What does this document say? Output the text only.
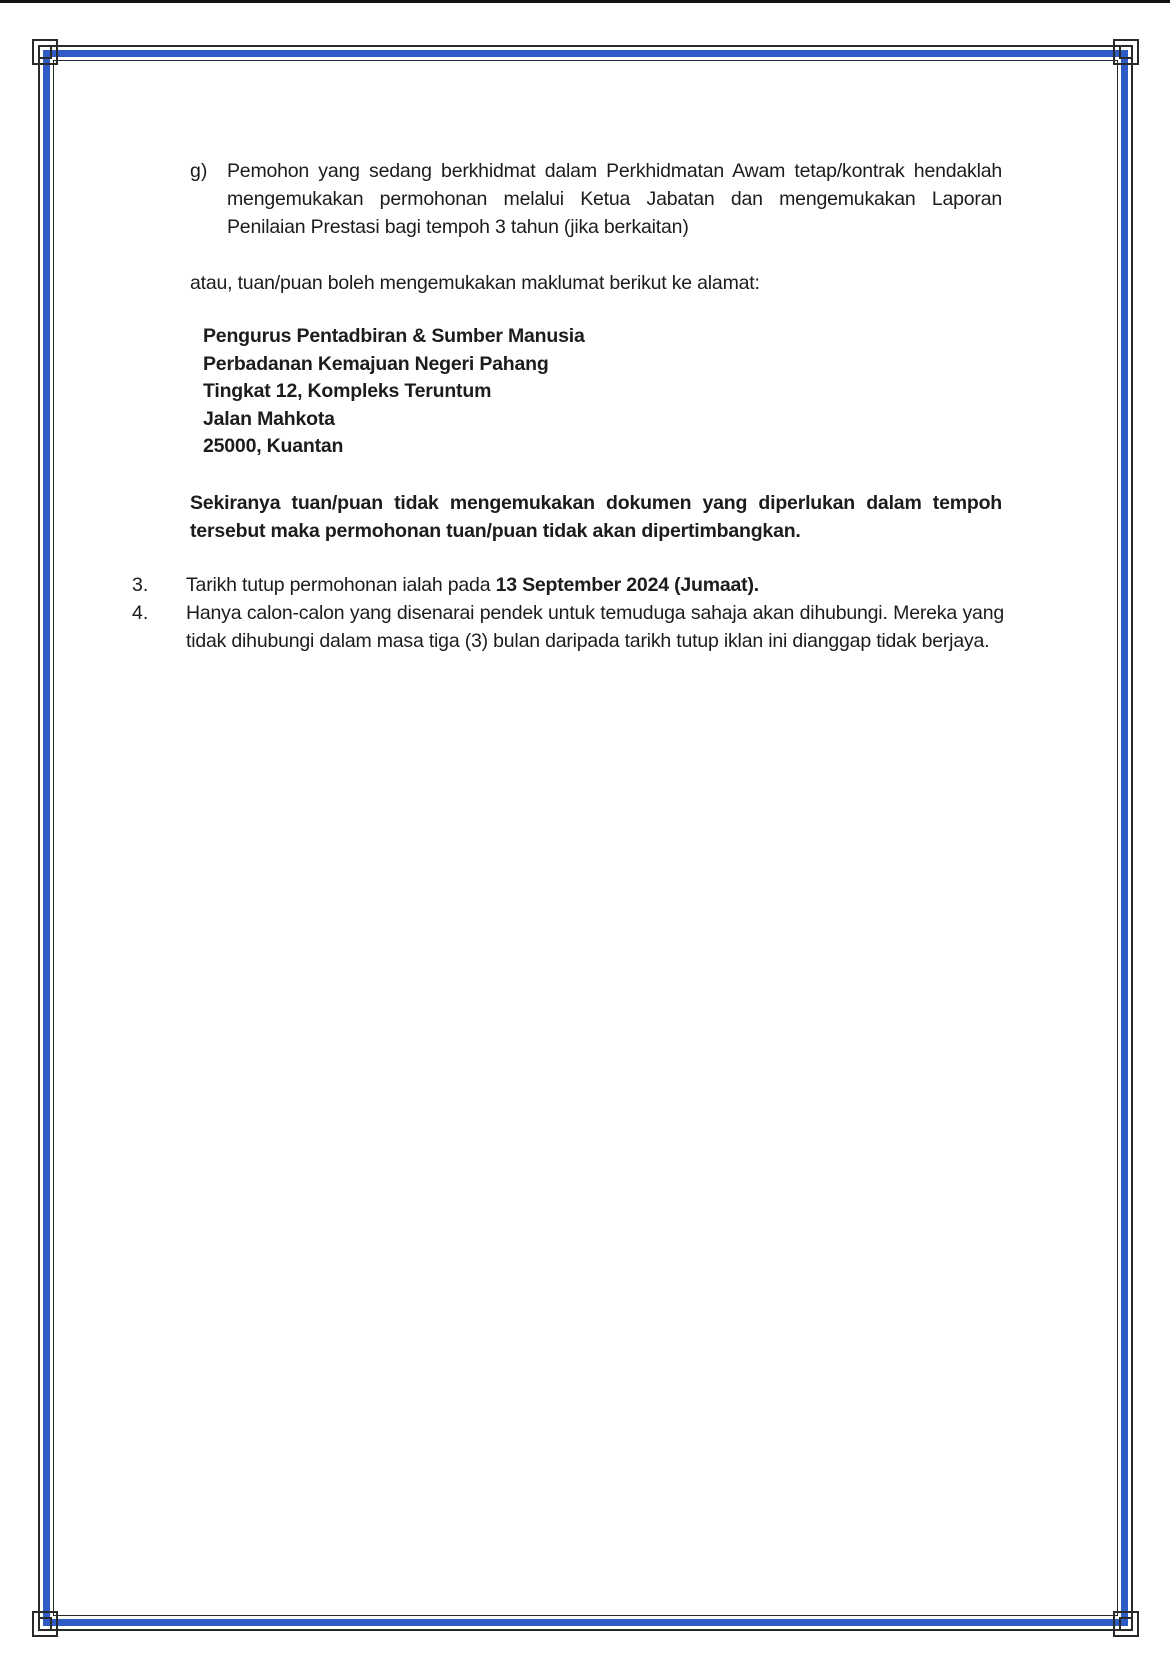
g) Pemohon yang sedang berkhidmat dalam Perkhidmatan Awam tetap/kontrak hendaklah mengemukakan permohonan melalui Ketua Jabatan dan mengemukakan Laporan Penilaian Prestasi bagi tempoh 3 tahun (jika berkaitan)
atau, tuan/puan boleh mengemukakan maklumat berikut ke alamat:
Pengurus Pentadbiran & Sumber Manusia
Perbadanan Kemajuan Negeri Pahang
Tingkat 12, Kompleks Teruntum
Jalan Mahkota
25000, Kuantan
Sekiranya tuan/puan tidak mengemukakan dokumen yang diperlukan dalam tempoh tersebut maka permohonan tuan/puan tidak akan dipertimbangkan.
3. Tarikh tutup permohonan ialah pada 13 September 2024 (Jumaat).
4. Hanya calon-calon yang disenarai pendek untuk temuduga sahaja akan dihubungi. Mereka yang tidak dihubungi dalam masa tiga (3) bulan daripada tarikh tutup iklan ini dianggap tidak berjaya.
